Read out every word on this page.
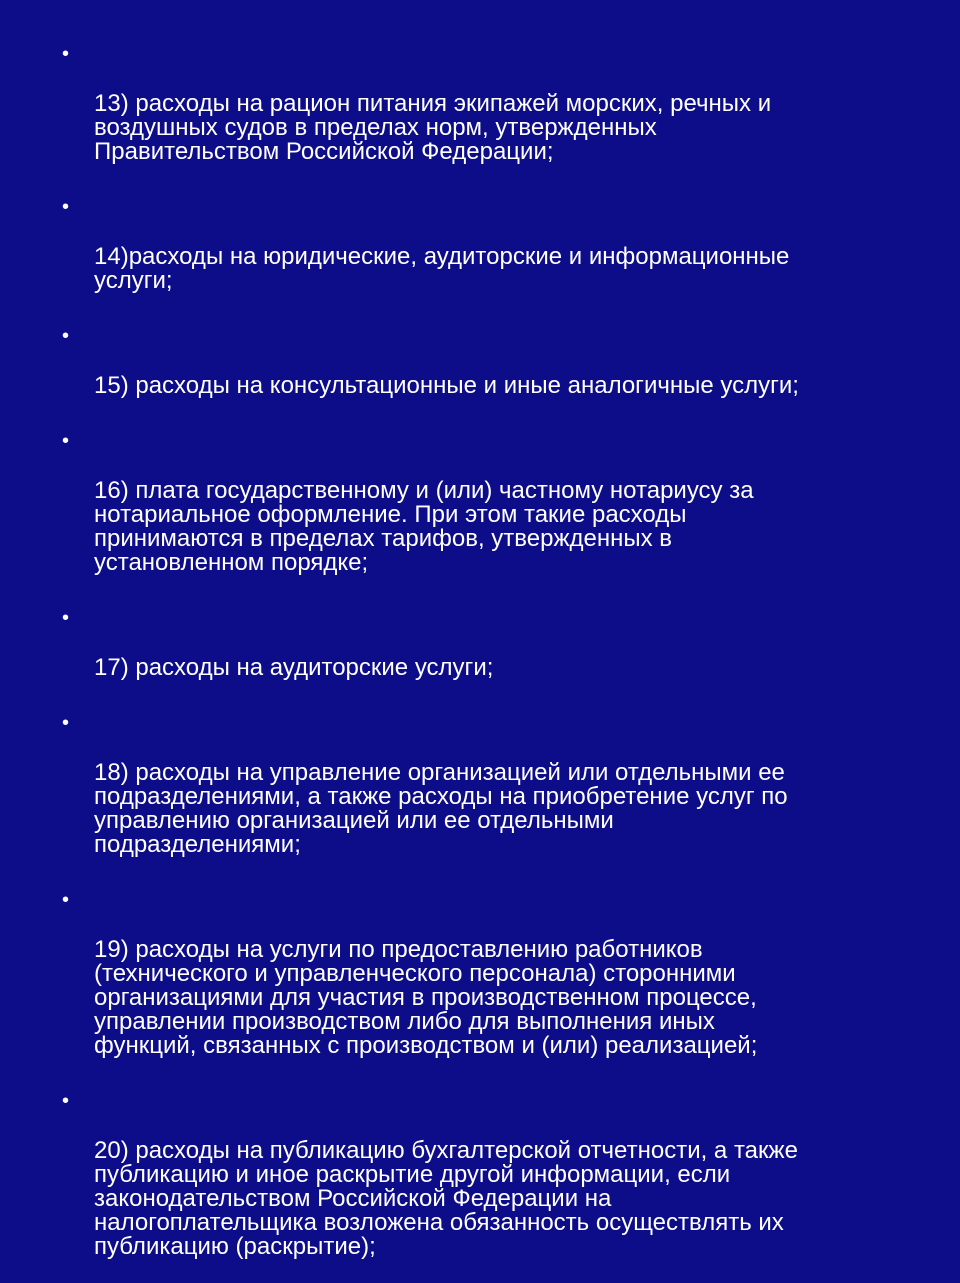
•

13) расходы на рацион питания экипажей морских, речных и
воздушных судов в пределах норм, утвержденных
Правительством Российской Федерации;

•

14)расходы на юридические, аудиторские и информационные
услуги;

•

15) расходы на консультационные и иные аналогичные услуги;

•

16) плата государственному и (или) частному нотариусу за
нотариальное оформление. При этом такие расходы
принимаются в пределах тарифов, утвержденных в
установленном порядке;

•

17) расходы на аудиторские услуги;

•

18) расходы на управление организацией или отдельными ее
подразделениями, а также расходы на приобретение услуг по
управлению организацией или ее отдельными
подразделениями;

•

19) расходы на услуги по предоставлению работников
(технического и управленческого персонала) сторонними
организациями для участия в производственном процессе,
управлении производством либо для выполнения иных
функций, связанных с производством и (или) реализацией;

•

20) расходы на публикацию бухгалтерской отчетности, а также
публикацию и иное раскрытие другой информации, если
законодательством Российской Федерации на
налогоплательщика возложена обязанность осуществлять их
публикацию (раскрытие);
